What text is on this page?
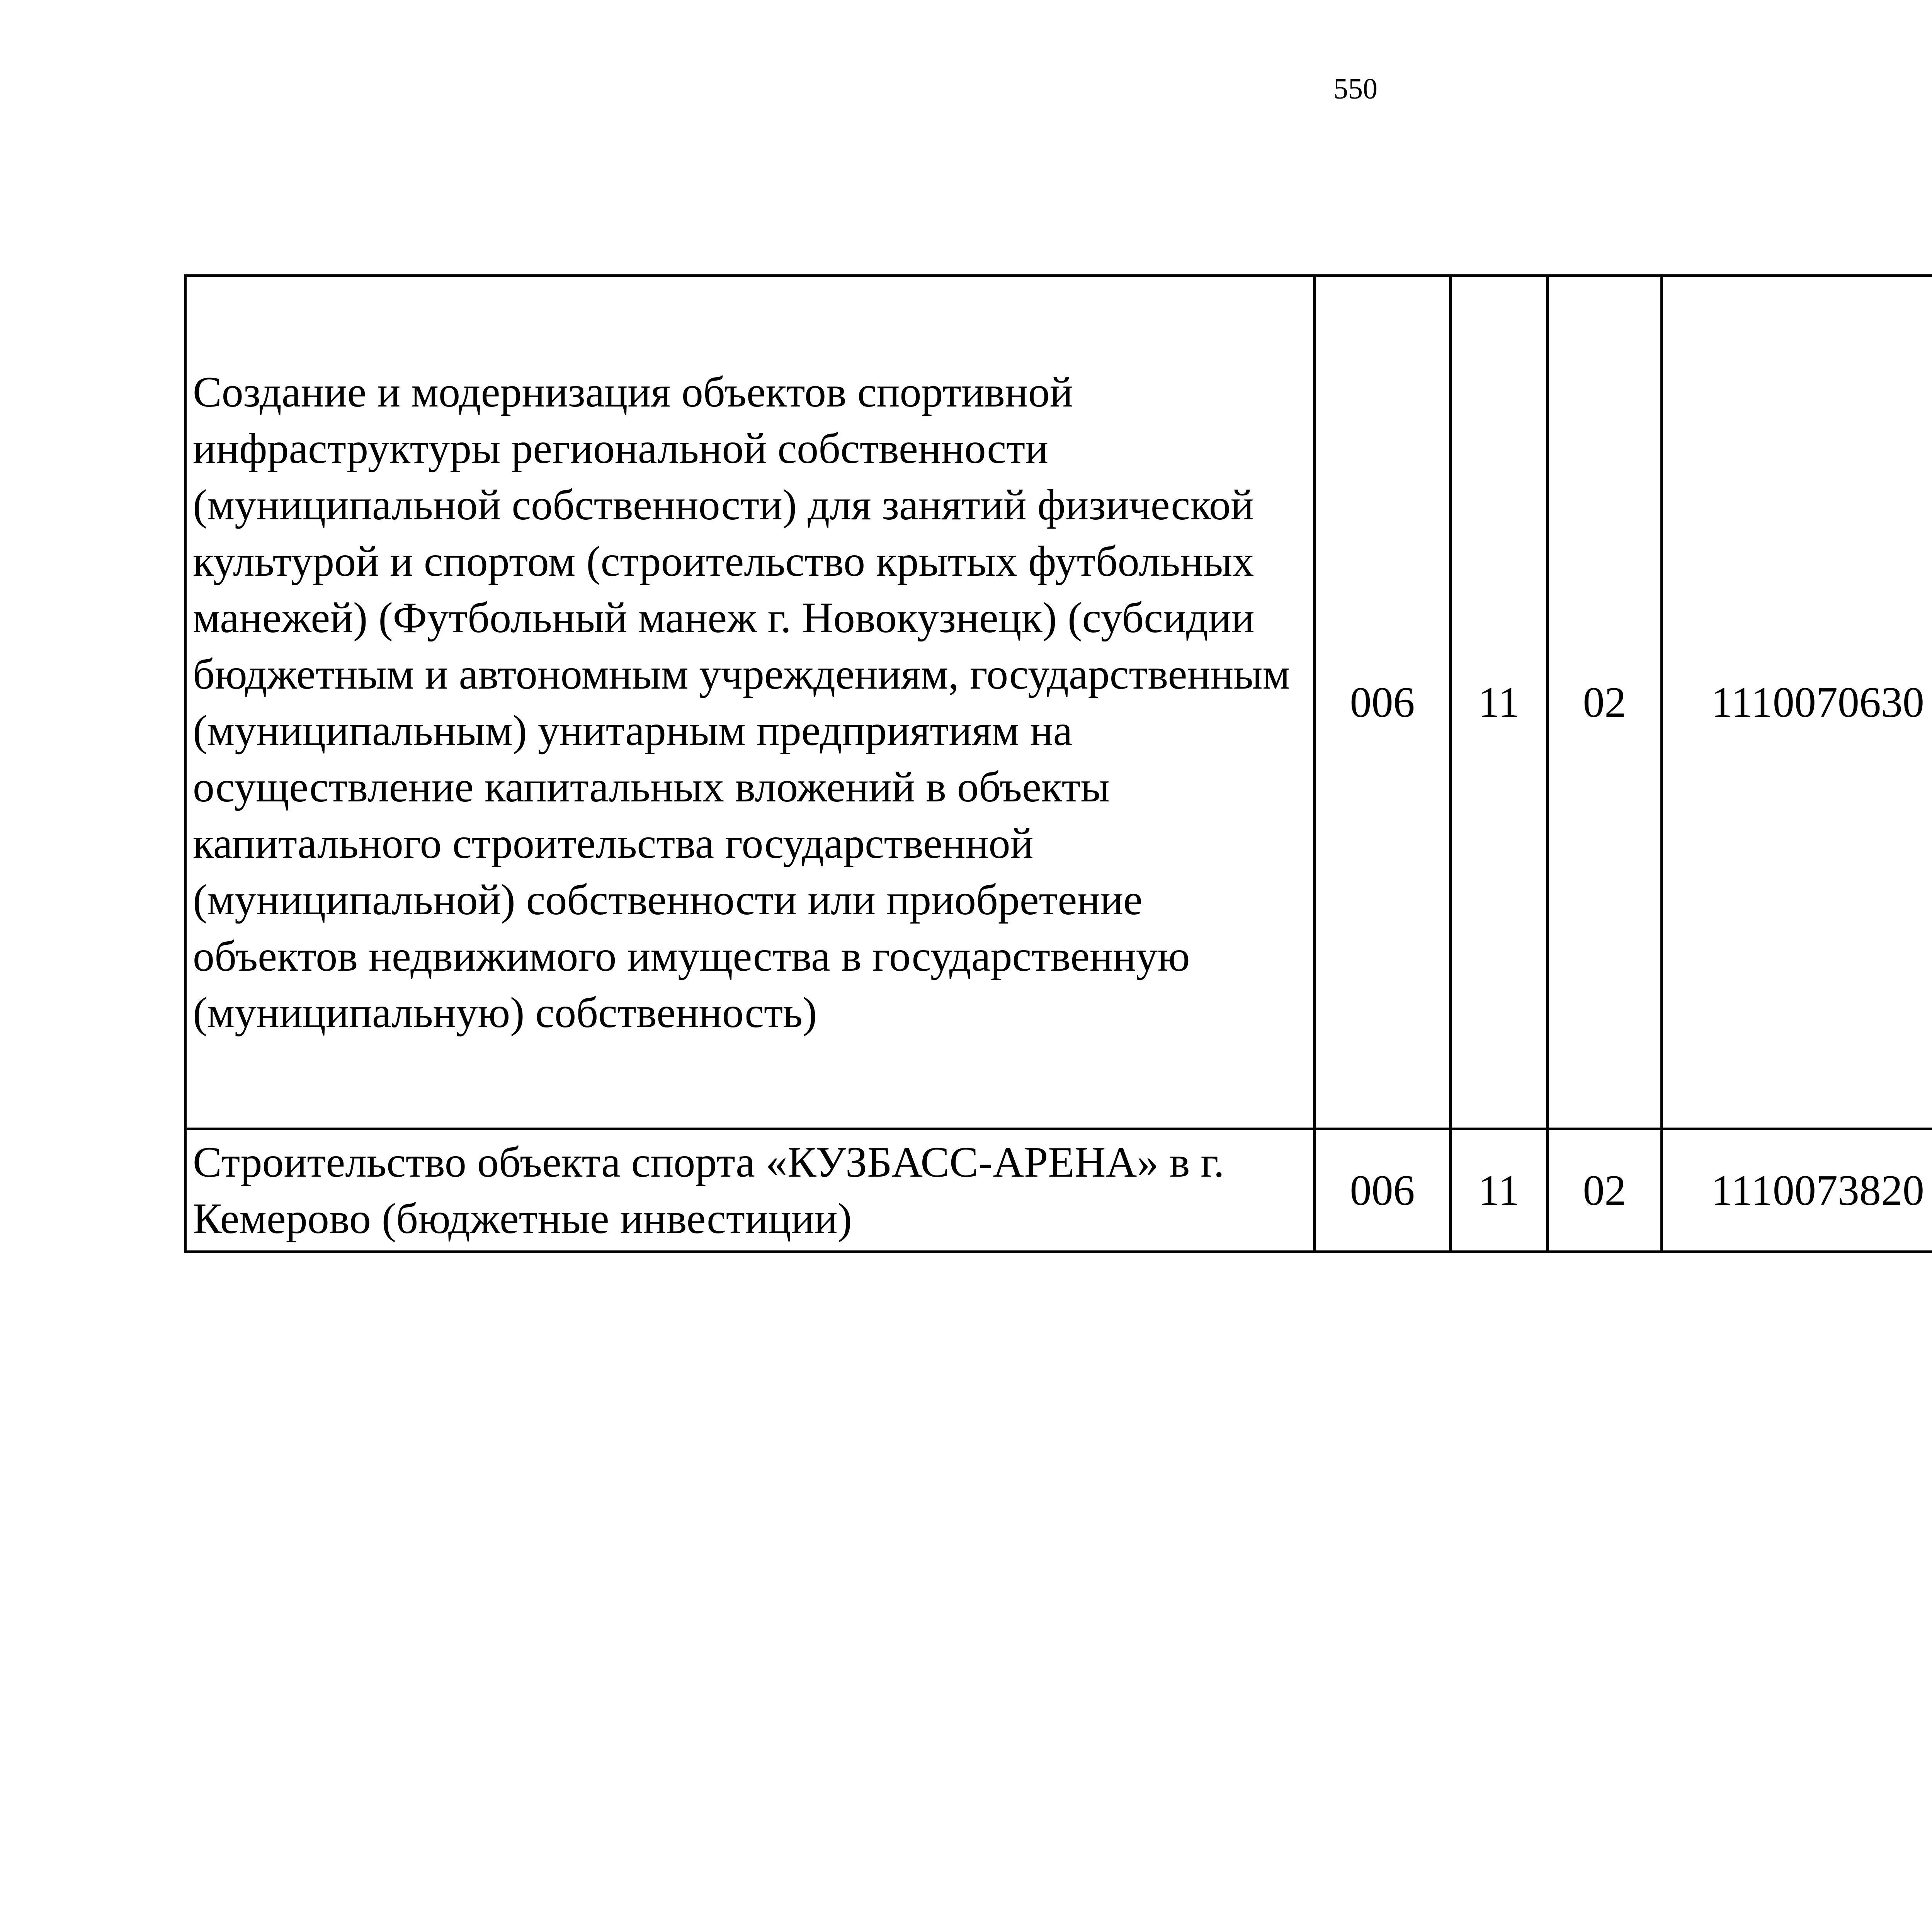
550
Создание и модернизация объектов спортивной инфраструктуры региональной собственности (муниципальной собственности) для занятий физической культурой и спортом (строительство крытых футбольных манежей) (Футбольный манеж г. Новокузнецк) (субсидии бюджетным и автономным учреждениям, государственным (муниципальным) унитарным предприятиям на осуществление капитальных вложений в объекты капитального строительства государственной (муниципальной) собственности или приобретение объектов недвижимого имущества в государственную (муниципальную) собственность)	006	11	02	1110070630		
Строительство объекта спорта «КУЗБАСС-АРЕНА» в г. Кемерово (бюджетные инвестиции)	006	11	02	1110073820		
